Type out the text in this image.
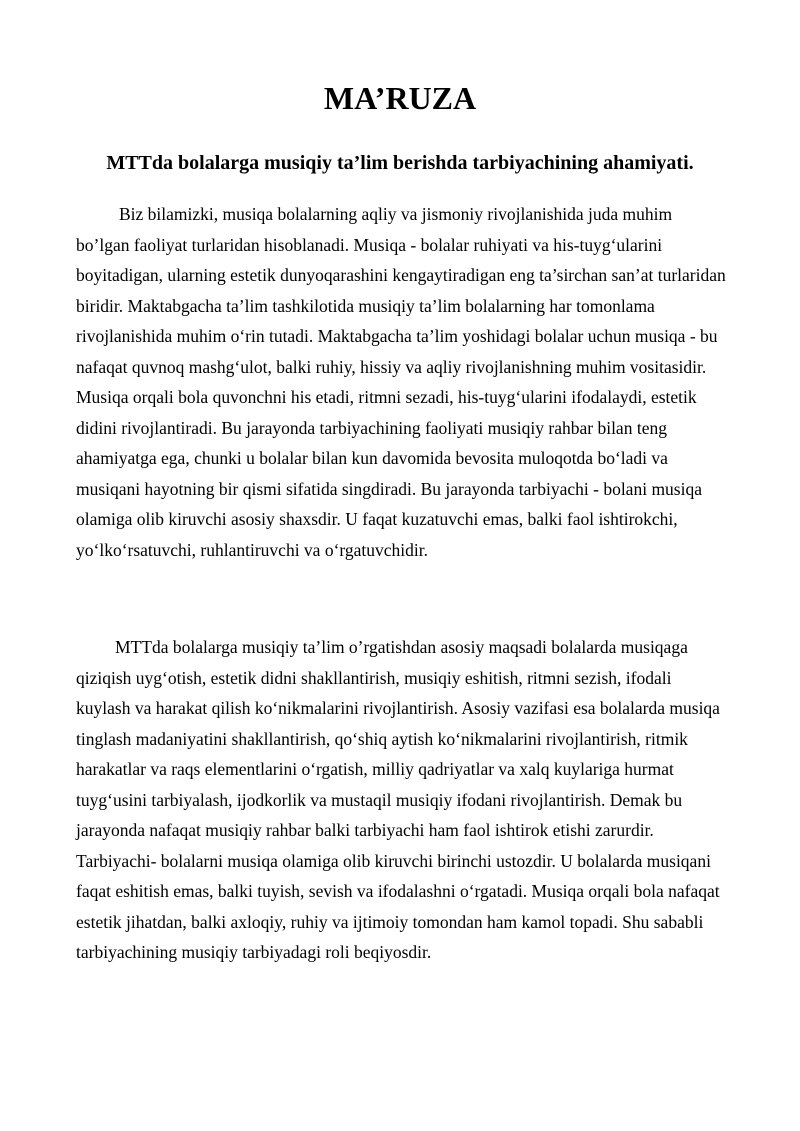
MA’RUZA
MTTda bolalarga musiqiy ta’lim berishda tarbiyachining ahamiyati.

Biz bilamizki, musiqa bolalarning aqliy va jismoniy rivojlanishida juda muhim bo’lgan faoliyat turlaridan hisoblanadi. Musiqa - bolalar ruhiyati va his-tuyg‘ularini boyitadigan, ularning estetik dunyoqarashini kengaytiradigan eng ta’sirchan san’at turlaridan biridir. Maktabgacha ta’lim tashkilotida musiqiy ta’lim bolalarning har tomonlama rivojlanishida muhim o‘rin tutadi. Maktabgacha ta’lim yoshidagi bolalar uchun musiqa - bu nafaqat quvnoq mashg‘ulot, balki ruhiy, hissiy va aqliy rivojlanishning muhim vositasidir. Musiqa orqali bola quvonchni his etadi, ritmni sezadi, his-tuyg‘ularini ifodalaydi, estetik didini rivojlantiradi. Bu jarayonda tarbiyachining faoliyati musiqiy rahbar bilan teng ahamiyatga ega, chunki u bolalar bilan kun davomida bevosita muloqotda bo‘ladi va musiqani hayotning bir qismi sifatida singdiradi. Bu jarayonda tarbiyachi - bolani musiqa olamiga olib kiruvchi asosiy shaxsdir. U faqat kuzatuvchi emas, balki faol ishtirokchi, yo‘lko‘rsatuvchi, ruhlantiruvchi va o‘rgatuvchidir.

MTTda bolalarga musiqiy ta’lim o’rgatishdan asosiy maqsadi bolalarda musiqaga qiziqish uyg‘otish, estetik didni shakllantirish, musiqiy eshitish, ritmni sezish, ifodali kuylash va harakat qilish ko‘nikmalarini rivojlantirish. Asosiy vazifasi esa bolalarda musiqa tinglash madaniyatini shakllantirish, qo‘shiq aytish ko‘nikmalarini rivojlantirish, ritmik harakatlar va raqs elementlarini o‘rgatish, milliy qadriyatlar va xalq kuylariga hurmat tuyg‘usini tarbiyalash, ijodkorlik va mustaqil musiqiy ifodani rivojlantirish. Demak bu jarayonda nafaqat musiqiy rahbar balki tarbiyachi ham faol ishtirok etishi zarurdir. Tarbiyachi- bolalarni musiqa olamiga olib kiruvchi birinchi ustozdir. U bolalarda musiqani faqat eshitish emas, balki tuyish, sevish va ifodalashni o‘rgatadi. Musiqa orqali bola nafaqat estetik jihatdan, balki axloqiy, ruhiy va ijtimoiy tomondan ham kamol topadi. Shu sababli tarbiyachining musiqiy tarbiyadagi roli beqiyosdir.
